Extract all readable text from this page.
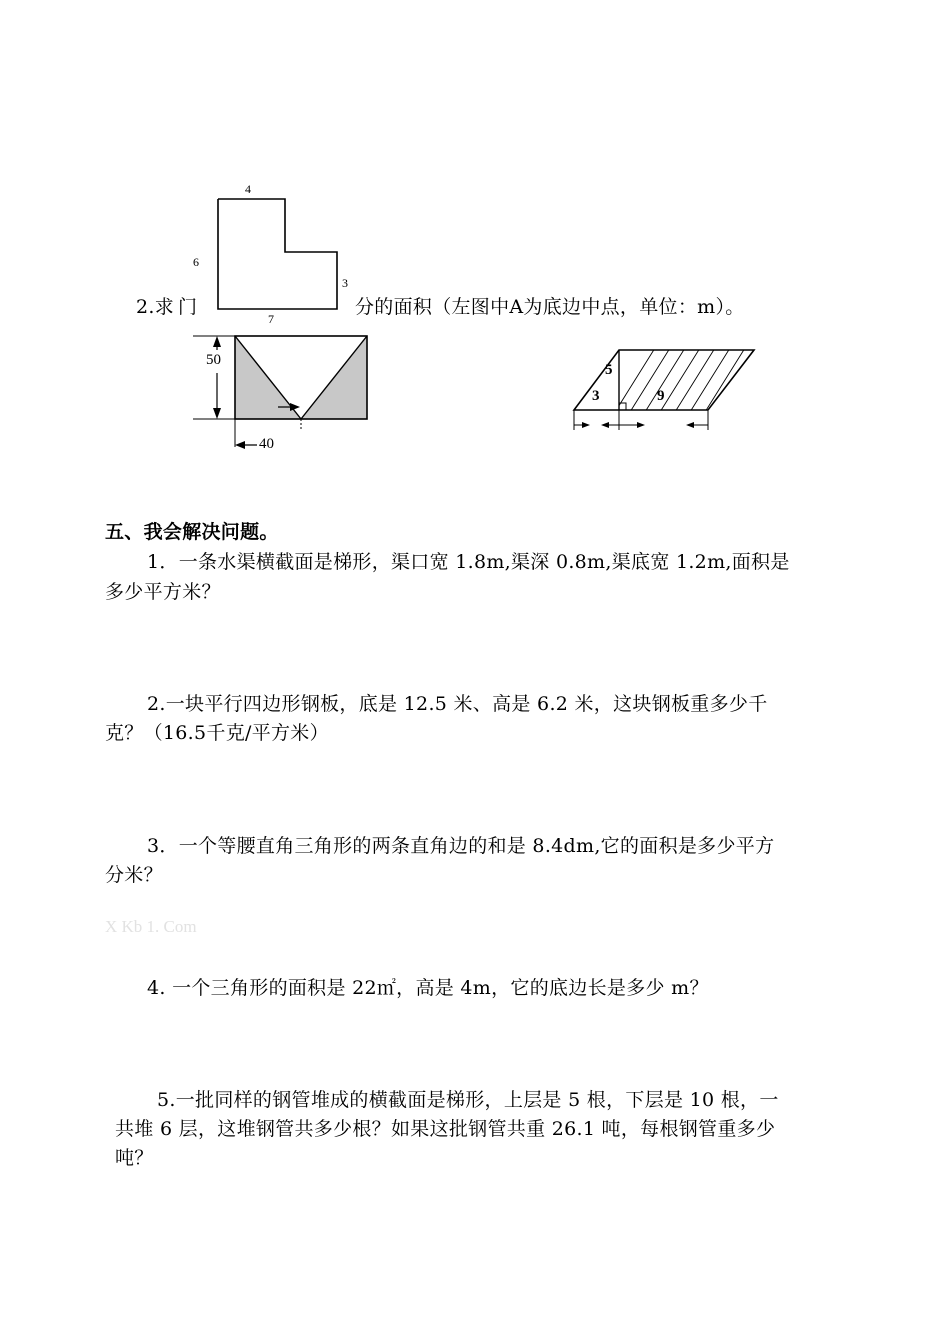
4
6
3
7
2.求 门	分的面积（左图中A为底边中点，单位：m）。
50
40
5
3	9
五、我会解决问题。
1．一条水渠横截面是梯形，渠口宽 1.8m,渠深 0.8m,渠底宽 1.2m,面积是
多少平方米？
2.一块平行四边形钢板，底是 12.5 米、高是 6.2 米，这块钢板重多少千
克？（16.5千克/平方米）
3．一个等腰直角三角形的两条直角边的和是 8.4dm,它的面积是多少平方
分米？
X Kb 1. Com
4. 一个三角形的面积是 22㎡，高是 4m，它的底边长是多少 m？
5.一批同样的钢管堆成的横截面是梯形，上层是 5 根，下层是 10 根，一
共堆 6 层，这堆钢管共多少根？如果这批钢管共重 26.1 吨，每根钢管重多少
吨？
